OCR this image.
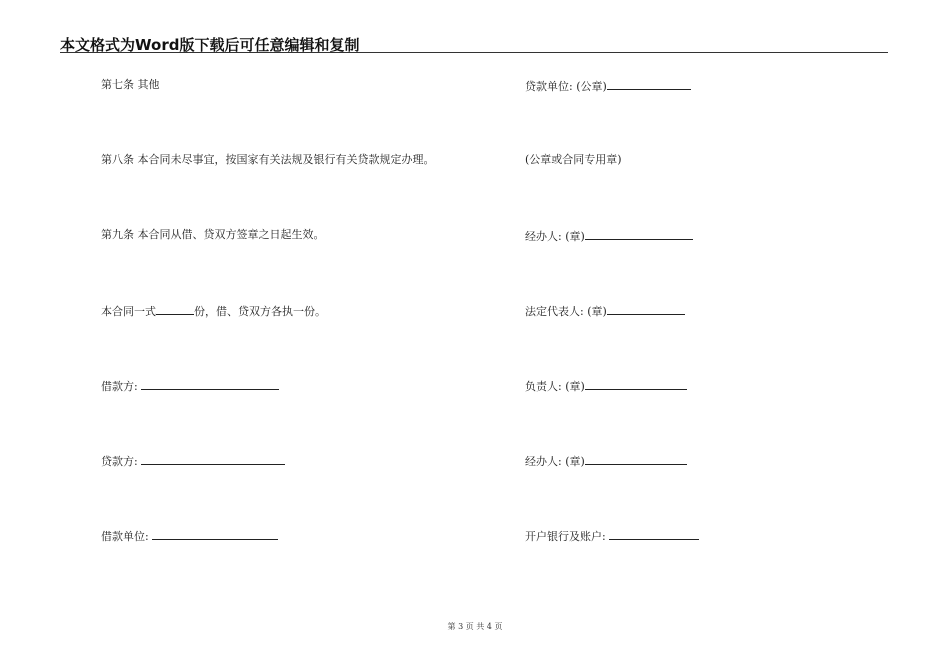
本文格式为Word版下载后可任意编辑和复制
第七条 其他
第八条 本合同未尽事宜，按国家有关法规及银行有关贷款规定办理。
第九条 本合同从借、贷双方签章之日起生效。
本合同一式	份，借、贷双方各执一份。
借款方:
贷款方:
借款单位:
贷款单位: (公章)
(公章或合同专用章)
经办人: (章)
法定代表人: (章)
负责人: (章)
经办人: (章)
开户银行及账户:
第 3 页 共 4 页
